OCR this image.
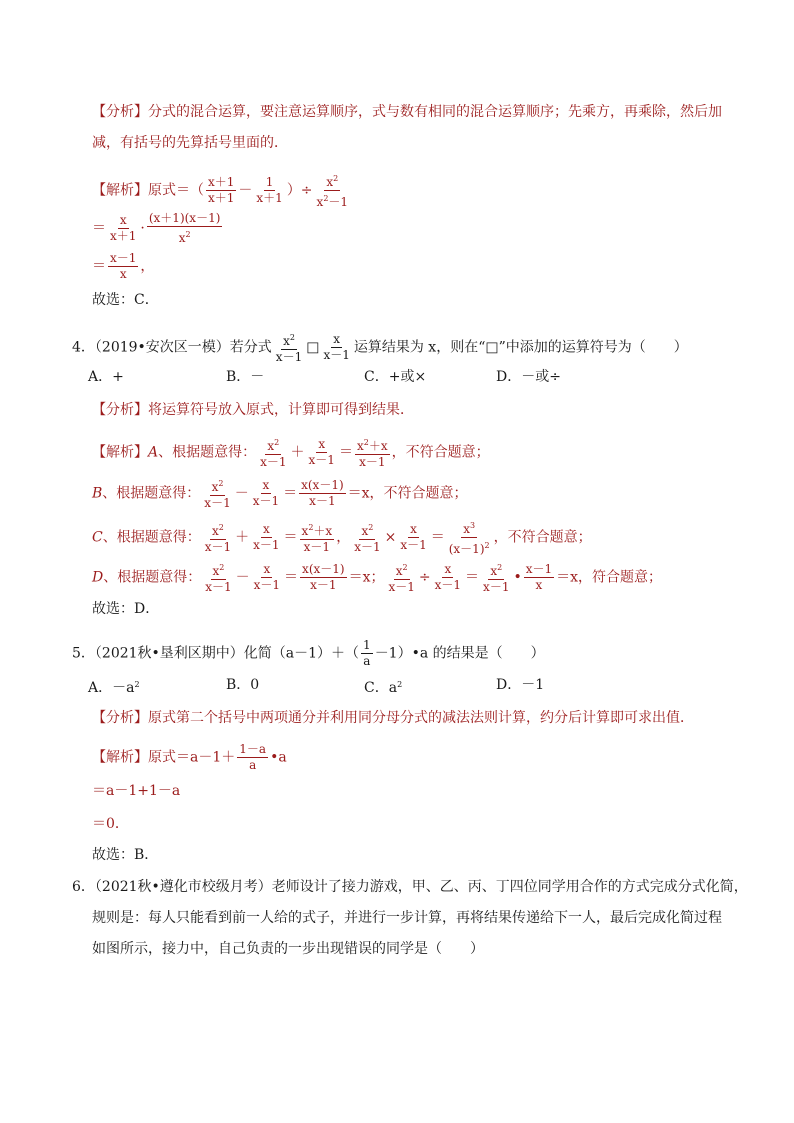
【分析】分式的混合运算，要注意运算顺序，式与数有相同的混合运算顺序；先乘方，再乘除，然后加
减，有括号的先算括号里面的．
【解析】原式＝（ $\frac{x+1}{x+1} - \frac{1}{x+1}$ ）÷ $\frac{x^2}{x^2-1}$
＝ $\frac{x}{x+1} \cdot \frac{(x+1)(x-1)}{x^2}$
＝ $\frac{x-1}{x}$ ，
故选：C．
4．（2019•安次区一模）若分式 $\frac{x^2}{x-1}$ □ $\frac{x}{x-1}$ 运算结果为 x，则在“□”中添加的运算符号为（　　）
A．+	B．－	C．+或×	D．－或÷
【分析】将运算符号放入原式，计算即可得到结果．
【解析】A、根据题意得： $\frac{x^2}{x-1} + \frac{x}{x-1} = \frac{x^2+x}{x-1}$ ，不符合题意；
B、根据题意得： $\frac{x^2}{x-1} - \frac{x}{x-1} = \frac{x(x-1)}{x-1} =x$，不符合题意；
C、根据题意得： $\frac{x^2}{x-1} + \frac{x}{x-1} = \frac{x^2+x}{x-1}$ ， $\frac{x^2}{x-1} \times \frac{x}{x-1} = \frac{x^3}{(x-1)^2}$ ，不符合题意；
D、根据题意得： $\frac{x^2}{x-1} - \frac{x}{x-1} = \frac{x(x-1)}{x-1} =x$； $\frac{x^2}{x-1} \div \frac{x}{x-1} = \frac{x^2}{x-1}$ • $\frac{x-1}{x} =x$，符合题意；
故选：D．
5．（2021秋•垦利区期中）化简$(a-1)+( \frac{1}{a}$ －1）•a 的结果是（　　）
A．$-a^2$	B．0	C．$a^2$	D．－1
【分析】原式第二个括号中两项通分并利用同分母分式的减法法则计算，约分后计算即可求出值．
【解析】原式$=a-1+ \frac{1-a}{a}$ •a
＝a－1+1－a
＝0．
故选：B．
6．（2021秋•遵化市校级月考）老师设计了接力游戏，甲、乙、丙、丁四位同学用合作的方式完成分式化简，
规则是：每人只能看到前一人给的式子，并进行一步计算，再将结果传递给下一人，最后完成化简过程
如图所示，接力中，自己负责的一步出现错误的同学是（　　）
